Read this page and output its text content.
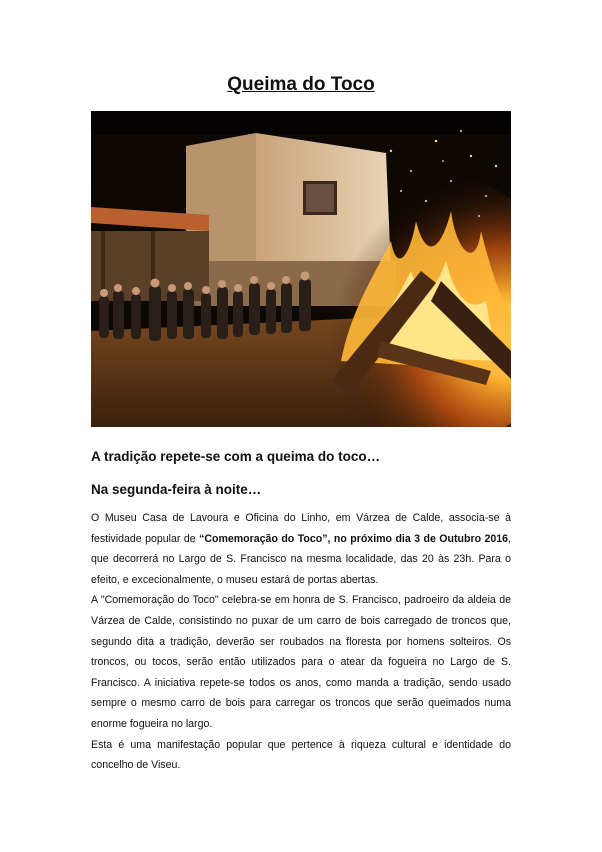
Queima do Toco
A tradição repete-se com a queima do toco…
Na segunda-feira à noite…

O Museu Casa de Lavoura e Oficina do Linho, em Várzea de Calde, associa-se à festividade popular de “Comemoração do Toco”, no próximo dia 3 de Outubro 2016, que decorrerá no Largo de S. Francisco na mesma localidade, das 20 às 23h. Para o efeito, e excecionalmente, o museu estará de portas abertas.

A "Comemoração do Toco" celebra-se em honra de S. Francisco, padroeiro da aldeia de Várzea de Calde, consistindo no puxar de um carro de bois carregado de troncos que, segundo dita a tradição, deverão ser roubados na floresta por homens solteiros. Os troncos, ou tocos, serão então utilizados para o atear da fogueira no Largo de S. Francisco. A iniciativa repete-se todos os anos, como manda a tradição, sendo usado sempre o mesmo carro de bois para carregar os troncos que serão queimados numa enorme fogueira no largo.

Esta é uma manifestação popular que pertence à riqueza cultural e identidade do concelho de Viseu.
